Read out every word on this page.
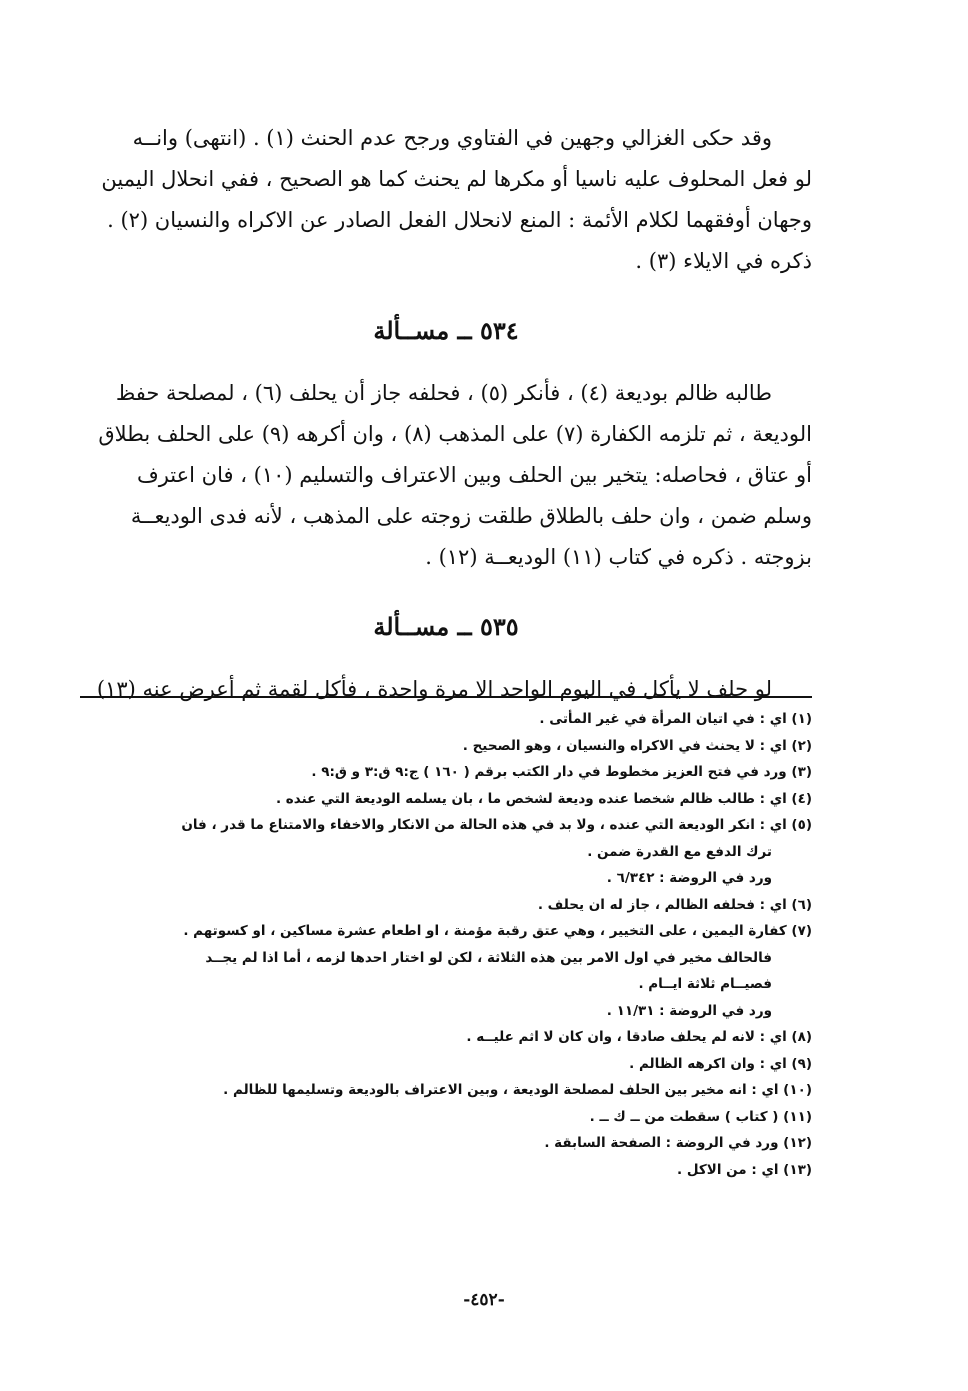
وقد حكى الغزالي وجهين في الفتاوي ورجح عدم الحنث (١) . (انتهى) وانــه
لو فعل المحلوف عليه ناسيا أو مكرها لم يحنث كما هو الصحيح ، ففي انحلال اليمين
وجهان أوفقهما لكلام الأئمة : المنع لانحلال الفعل الصادر عن الاكراه والنسيان (٢) .
ذكره في الايلاء (٣) .

٥٣٤ ــ مســألة

طالبه ظالم بوديعة (٤) ، فأنكر (٥) ، فحلفه جاز أن يحلف (٦) ، لمصلحة حفظ
الوديعة ، ثم تلزمه الكفارة (٧) على المذهب (٨) ، وان أكرهه (٩) على الحلف بطلاق
أو عتاق ، فحاصله: يتخير بين الحلف وبين الاعتراف والتسليم (١٠) ، فان اعترف
وسلم ضمن ، وان حلف بالطلاق طلقت زوجته على المذهب ، لأنه فدى الوديعــة
بزوجته . ذكره في كتاب (١١) الوديعــة (١٢) .

٥٣٥ ــ مســألة

لو حلف لا يأكل في اليوم الواحد الا مرة واحدة ، فأكل لقمة ثم أعرض عنه (١٣)

(١) اي : في اتيان المرأة في غير المأتى .
(٢) اي : لا يحنث في الاكراه والنسيان ، وهو الصحيح .
(٣) ورد في فتح العزيز مخطوط في دار الكتب برقم ( ١٦٠ ) ج:٩ ق:٣ و ق:٩ .
(٤) اي : طالب ظالم شخصا عنده وديعة لشخص ما ، بان يسلمه الوديعة التي عنده .
(٥) اي : انكر الوديعة التي عنده ، ولا بد في هذه الحالة من الانكار والاخفاء والامتناع ما قدر ، فان
ترك الدفع مع القدرة ضمن .
ورد في الروضة : ٦/٣٤٢ .
(٦) اي : فحلفه الظالم ، جاز له ان يحلف .
(٧) كفارة اليمين ، على التخيير ، وهي عتق رقبة مؤمنة ، او اطعام عشرة مساكين ، او كسوتهم .
فالحالف مخير في اول الامر بين هذه الثلاثة ، لكن لو اختار احدها لزمه ، أما اذا لم يجــد
فصيــام ثلاثة ايــام .
ورد في الروضة : ١١/٣١ .
(٨) اي : لانه لم يحلف صادقا ، وان كان لا اثم عليــه .
(٩) اي : وان اكرهه الظالم .
(١٠) اي : انه مخير بين الحلف لمصلحة الوديعة ، وبين الاعتراف بالوديعة وتسليمها للظالم .
(١١) ( كتاب ) سقطت من ــ ك ــ .
(١٢) ورد في الروضة : الصفحة السابقة .
(١٣) اي : من الاكل .
-٤٥٢-
